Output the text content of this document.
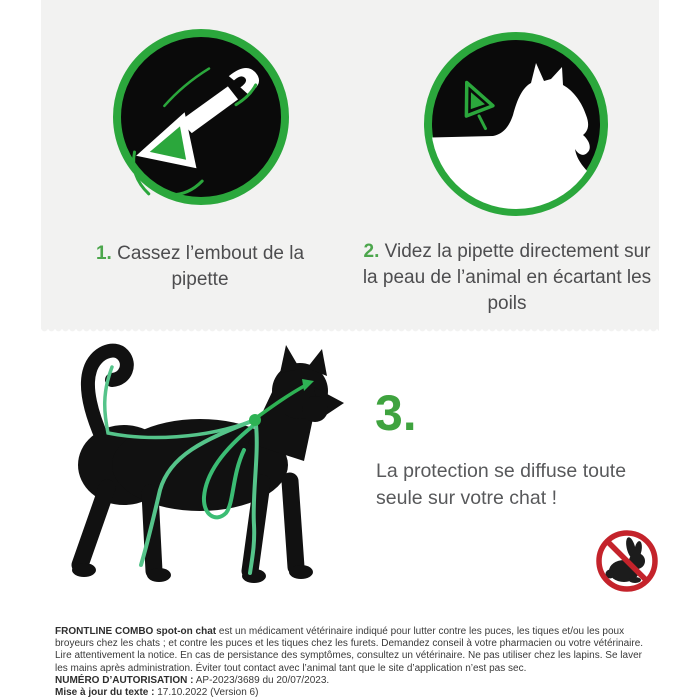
1. Cassez l’embout de la pipette
2. Videz la pipette directement sur la peau de l’animal en écartant les poils
3.
La protection se diffuse toute seule sur votre chat !

FRONTLINE COMBO spot-on chat est un médicament vétérinaire indiqué pour lutter contre les puces, les tiques et/ou les poux broyeurs chez les chats ; et contre les puces et les tiques chez les furets. Demandez conseil à votre pharmacien ou votre vétérinaire. Lire attentivement la notice. En cas de persistance des symptômes, consultez un vétérinaire. Ne pas utiliser chez les lapins. Se laver les mains après administration. Éviter tout contact avec l’animal tant que le site d’application n’est pas sec.

NUMÉRO D’AUTORISATION : AP-2023/3689 du 20/07/2023.

Mise à jour du texte : 17.10.2022 (Version 6)
